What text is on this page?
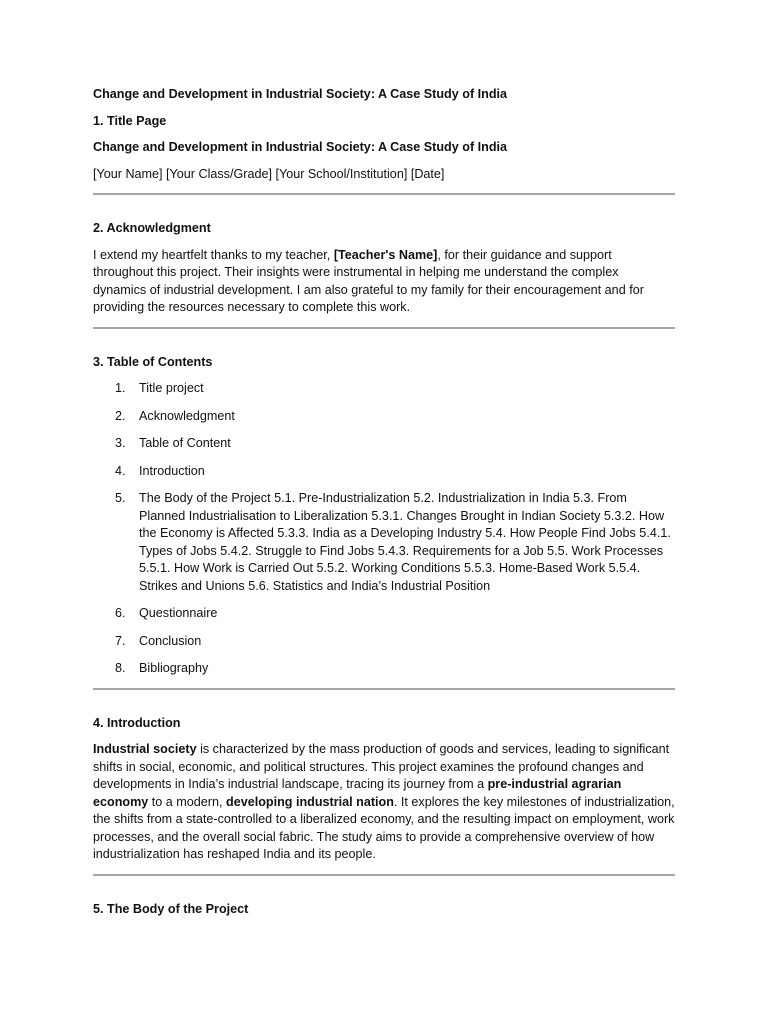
Change and Development in Industrial Society: A Case Study of India

1. Title Page

Change and Development in Industrial Society: A Case Study of India

[Your Name] [Your Class/Grade] [Your School/Institution] [Date]

2. Acknowledgment

I extend my heartfelt thanks to my teacher, [Teacher's Name], for their guidance and support throughout this project. Their insights were instrumental in helping me understand the complex dynamics of industrial development. I am also grateful to my family for their encouragement and for providing the resources necessary to complete this work.

3. Table of Contents

1.	Title project
2.	Acknowledgment
3.	Table of Content
4.	Introduction
5.	The Body of the Project 5.1. Pre-Industrialization 5.2. Industrialization in India 5.3. From Planned Industrialisation to Liberalization 5.3.1. Changes Brought in Indian Society 5.3.2. How the Economy is Affected 5.3.3. India as a Developing Industry 5.4. How People Find Jobs 5.4.1. Types of Jobs 5.4.2. Struggle to Find Jobs 5.4.3. Requirements for a Job 5.5. Work Processes 5.5.1. How Work is Carried Out 5.5.2. Working Conditions 5.5.3. Home-Based Work 5.5.4. Strikes and Unions 5.6. Statistics and India’s Industrial Position
6.	Questionnaire
7.	Conclusion
8.	Bibliography

4. Introduction

Industrial society is characterized by the mass production of goods and services, leading to significant shifts in social, economic, and political structures. This project examines the profound changes and developments in India’s industrial landscape, tracing its journey from a pre-industrial agrarian economy to a modern, developing industrial nation. It explores the key milestones of industrialization, the shifts from a state-controlled to a liberalized economy, and the resulting impact on employment, work processes, and the overall social fabric. The study aims to provide a comprehensive overview of how industrialization has reshaped India and its people.

5. The Body of the Project
